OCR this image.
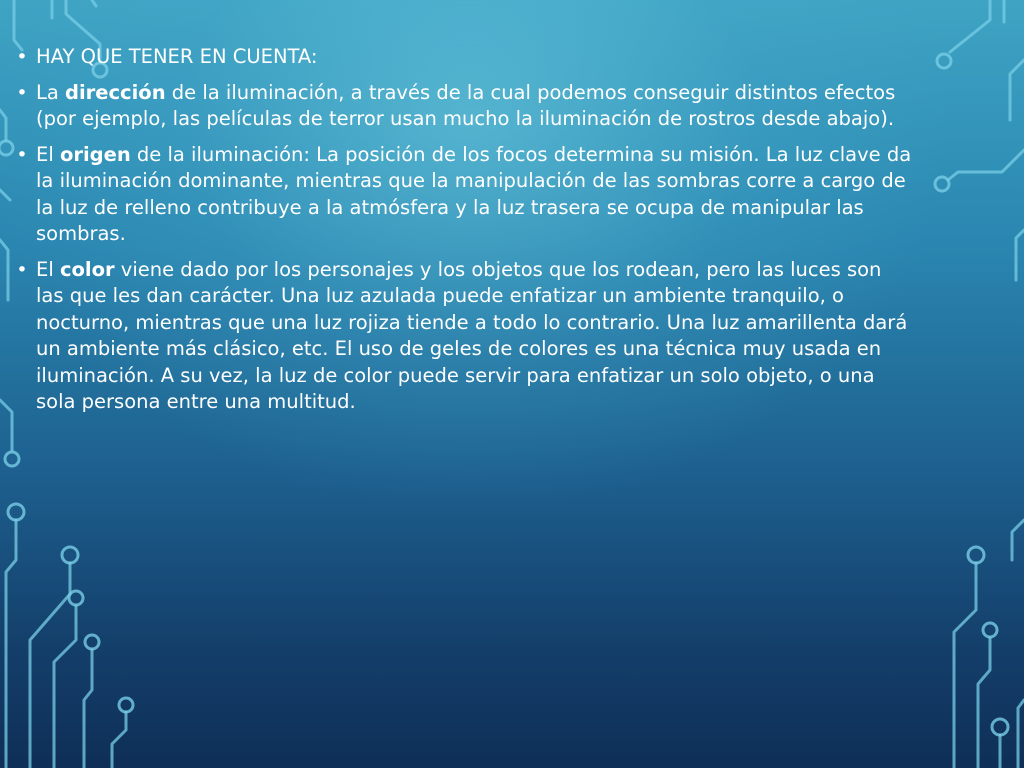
• HAY QUE TENER EN CUENTA:
• La dirección de la iluminación, a través de la cual podemos conseguir distintos efectos (por ejemplo, las películas de terror usan mucho la iluminación de rostros desde abajo).
• El origen de la iluminación: La posición de los focos determina su misión. La luz clave da la iluminación dominante, mientras que la manipulación de las sombras corre a cargo de la luz de relleno contribuye a la atmósfera y la luz trasera se ocupa de manipular las sombras.
• El color viene dado por los personajes y los objetos que los rodean, pero las luces son las que les dan carácter. Una luz azulada puede enfatizar un ambiente tranquilo, o nocturno, mientras que una luz rojiza tiende a todo lo contrario. Una luz amarillenta dará un ambiente más clásico, etc. El uso de geles de colores es una técnica muy usada en iluminación. A su vez, la luz de color puede servir para enfatizar un solo objeto, o una sola persona entre una multitud.
